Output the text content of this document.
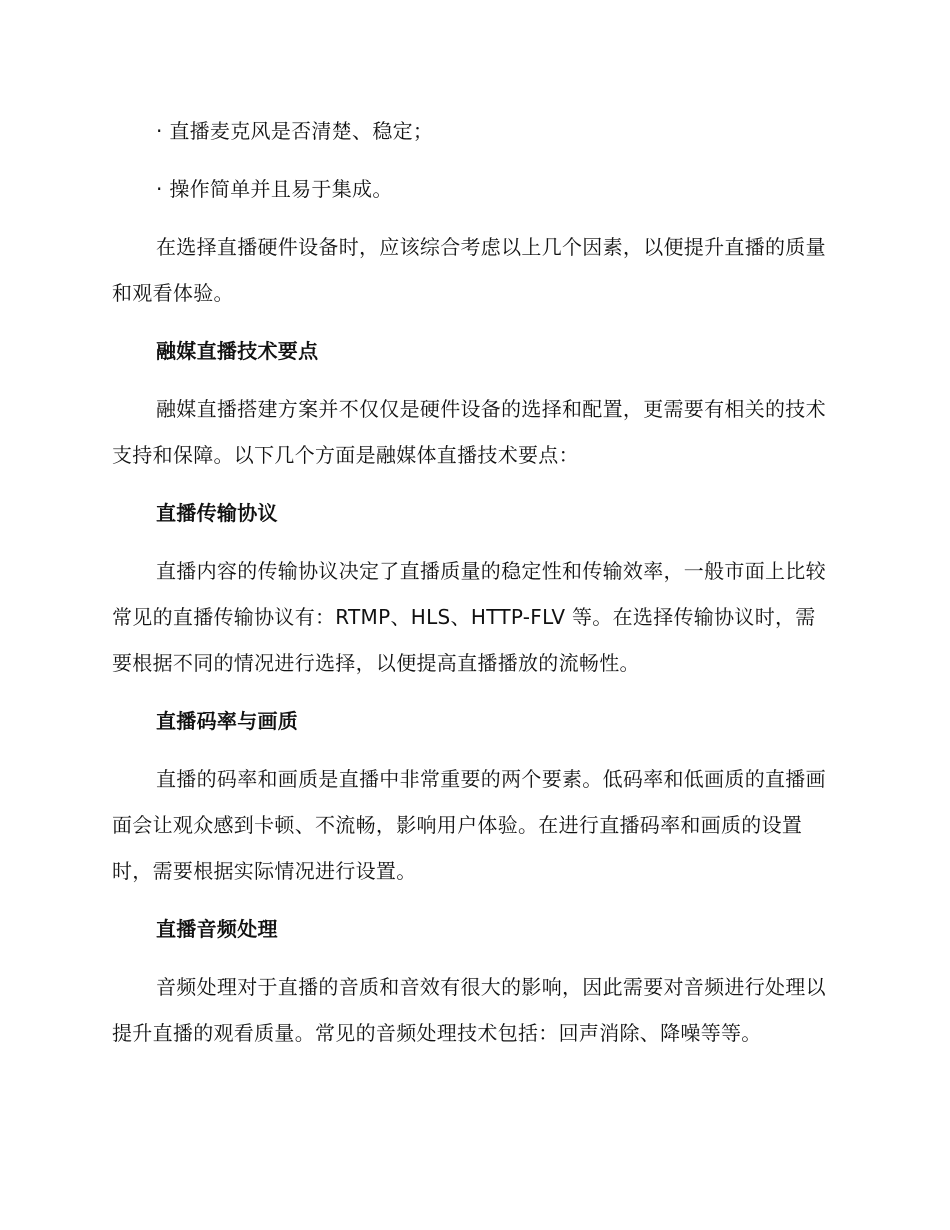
· 直播麦克风是否清楚、稳定；
· 操作简单并且易于集成。
在选择直播硬件设备时，应该综合考虑以上几个因素，以便提升直播的质量和观看体验。
融媒直播技术要点
融媒直播搭建方案并不仅仅是硬件设备的选择和配置，更需要有相关的技术支持和保障。以下几个方面是融媒体直播技术要点：
直播传输协议
直播内容的传输协议决定了直播质量的稳定性和传输效率，一般市面上比较常见的直播传输协议有：RTMP、HLS、HTTP-FLV 等。在选择传输协议时，需要根据不同的情况进行选择，以便提高直播播放的流畅性。
直播码率与画质
直播的码率和画质是直播中非常重要的两个要素。低码率和低画质的直播画面会让观众感到卡顿、不流畅，影响用户体验。在进行直播码率和画质的设置时，需要根据实际情况进行设置。
直播音频处理
音频处理对于直播的音质和音效有很大的影响，因此需要对音频进行处理以提升直播的观看质量。常见的音频处理技术包括：回声消除、降噪等等。
